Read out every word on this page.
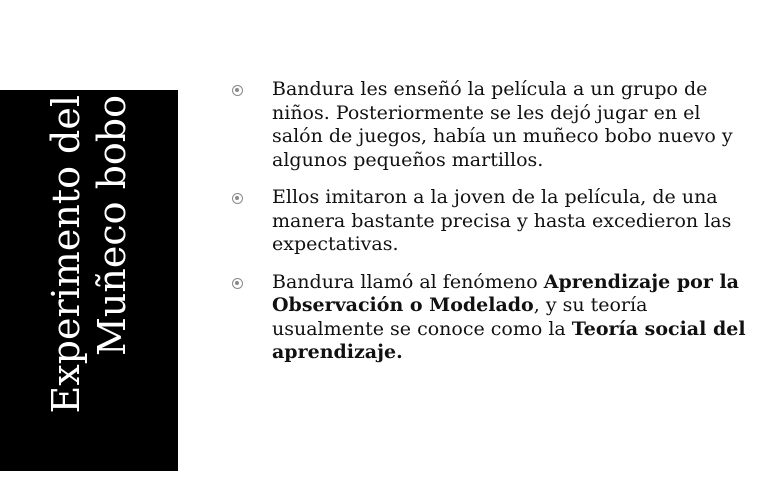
Experimento del Muñeco bobo
Bandura les enseñó la película a un grupo de niños. Posteriormente se les dejó jugar en el salón de juegos, había un muñeco bobo nuevo y algunos pequeños martillos.
Ellos imitaron a la joven de la película, de una manera bastante precisa y hasta excedieron las expectativas.
Bandura llamó al fenómeno Aprendizaje por la Observación o Modelado, y su teoría usualmente se conoce como la Teoría social del aprendizaje.
